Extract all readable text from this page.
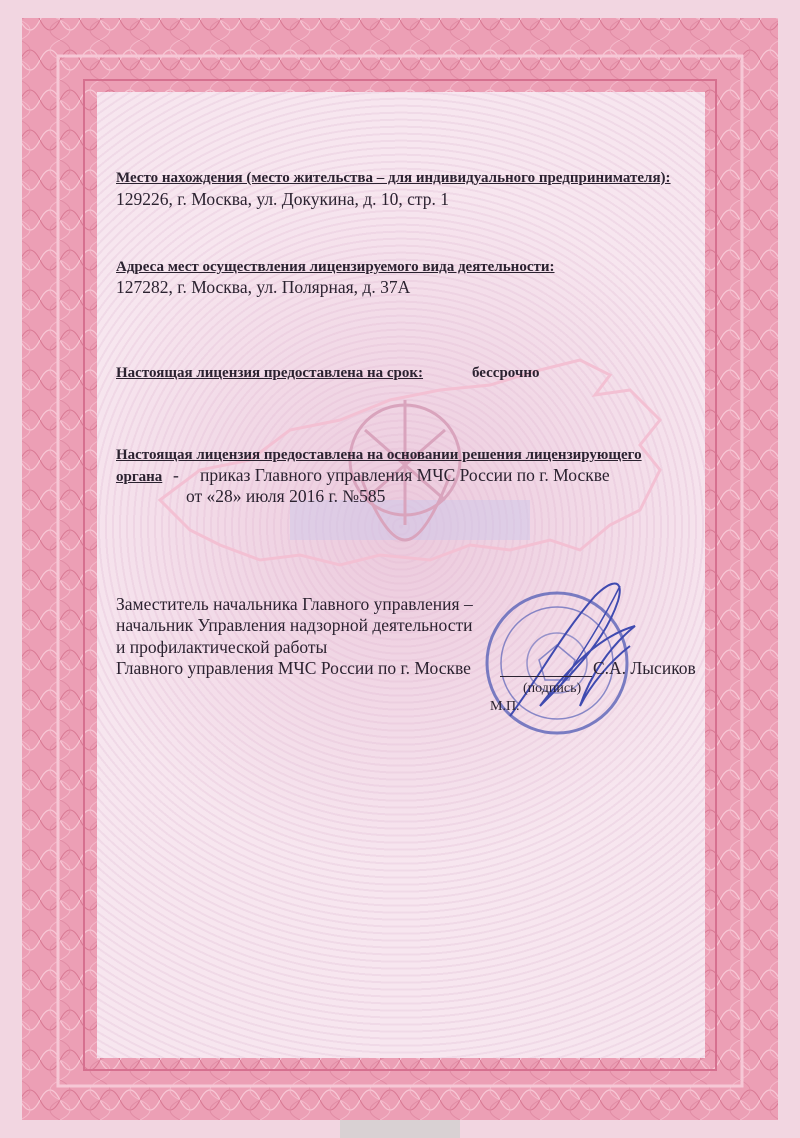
Место нахождения (место жительства – для индивидуального предпринимателя):
129226, г. Москва, ул. Докукина, д. 10, стр. 1
Адреса мест осуществления лицензируемого вида деятельности:
127282, г. Москва, ул. Полярная, д. 37А
Настоящая лицензия предоставлена на срок:	бессрочно
Настоящая лицензия предоставлена на основании решения лицензирующего
органа - приказ Главного управления МЧС России по г. Москве
от «28» июля 2016 г. №585
Заместитель начальника Главного управления –
начальник Управления надзорной деятельности
и профилактической работы
Главного управления МЧС России по г. Москве	С.А. Лысиков
(подпись)
М.П.
